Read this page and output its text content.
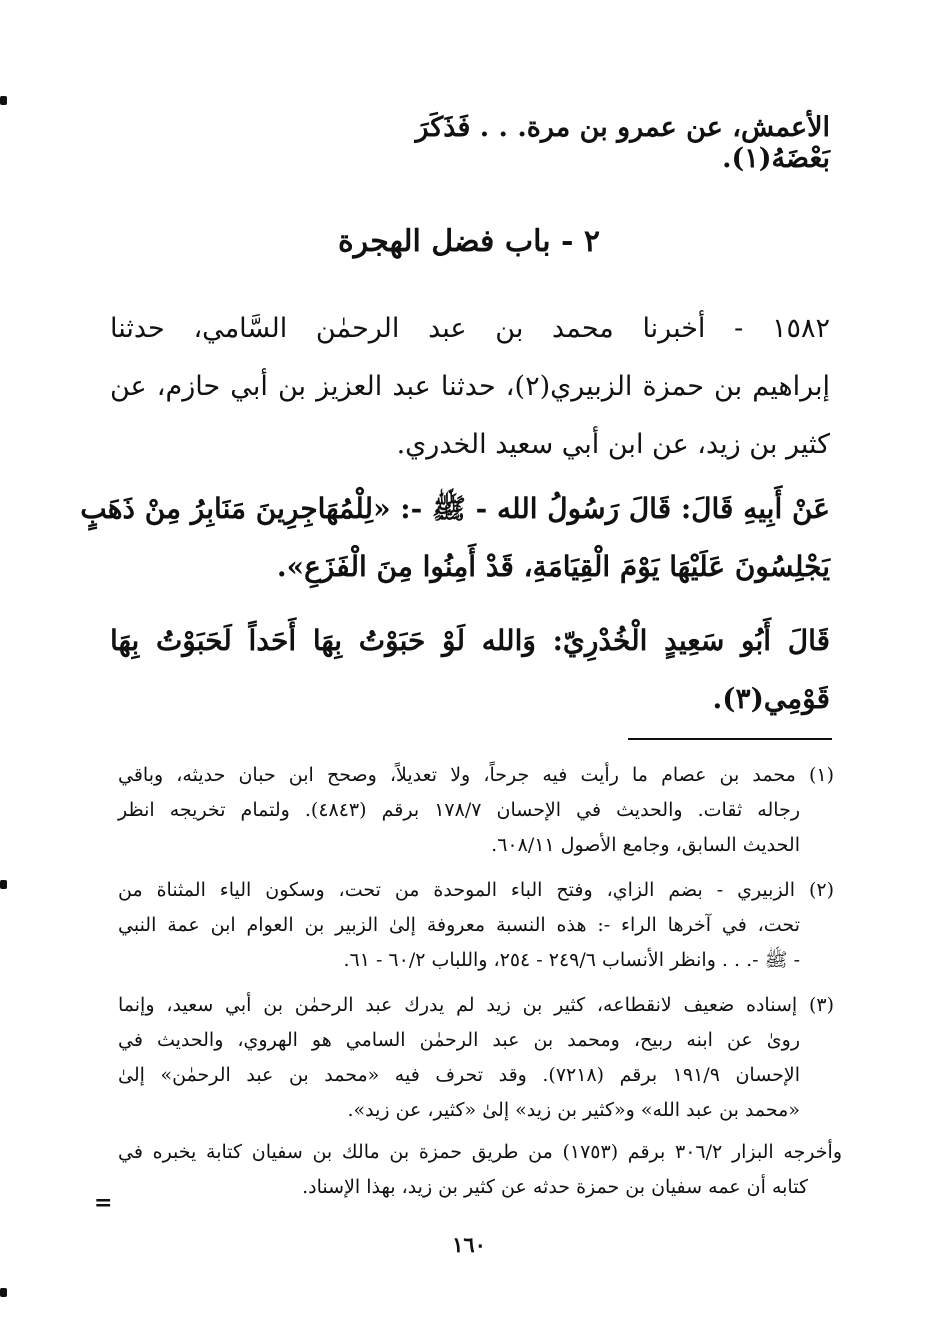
الأعمش، عن عمرو بن مرة. . . فَذَكَرَ بَعْضَهُ(١).

٢ - باب فضل الهجرة
١٥٨٢ - أخبرنا محمد بن عبد الرحمٰن السَّامي، حدثنا
إبراهيم بن حمزة الزبيري(٢)، حدثنا عبد العزيز بن أبي حازم، عن
كثير بن زيد، عن ابن أبي سعيد الخدري.
عَنْ أَبِيهِ قَالَ: قَالَ رَسُولُ الله - ﷺ -: «لِلْمُهَاجِرِينَ مَنَابِرُ مِنْ ذَهَبٍ
يَجْلِسُونَ عَلَيْهَا يَوْمَ الْقِيَامَةِ، قَدْ أَمِنُوا مِنَ الْفَزَعِ».
قَالَ أَبُو سَعِيدٍ الْخُدْرِيّ: وَالله لَوْ حَبَوْتُ بِهَا أَحَداً لَحَبَوْتُ بِهَا
قَوْمِي(٣).
(١) محمد بن عصام ما رأيت فيه جرحاً، ولا تعديلاً، وصحح ابن حبان حديثه، وباقي
رجاله ثقات. والحديث في الإحسان ١٧٨/٧ برقم (٤٨٤٣). ولتمام تخريجه انظر
الحديث السابق، وجامع الأصول ٦٠٨/١١.
(٢) الزبيري - بضم الزاي، وفتح الباء الموحدة من تحت، وسكون الياء المثناة من
تحت، في آخرها الراء -: هذه النسبة معروفة إلىٰ الزبير بن العوام ابن عمة النبي
- ﷺ -. . . وانظر الأنساب ٢٤٩/٦ - ٢٥٤، واللباب ٦٠/٢ - ٦١.
(٣) إسناده ضعيف لانقطاعه، كثير بن زيد لم يدرك عبد الرحمٰن بن أبي سعيد، وإنما
روىٰ عن ابنه ربيح، ومحمد بن عبد الرحمٰن السامي هو الهروي، والحديث في
الإحسان ١٩١/٩ برقم (٧٢١٨). وقد تحرف فيه «محمد بن عبد الرحمٰن» إلىٰ
«محمد بن عبد الله» و«كثير بن زيد» إلىٰ «كثير، عن زيد».
وأخرجه البزار ٣٠٦/٢ برقم (١٧٥٣) من طريق حمزة بن مالك بن سفيان كتابة يخبره في
كتابه أن عمه سفيان بن حمزة حدثه عن كثير بن زيد، بهذا الإسناد.
=
١٦٠
